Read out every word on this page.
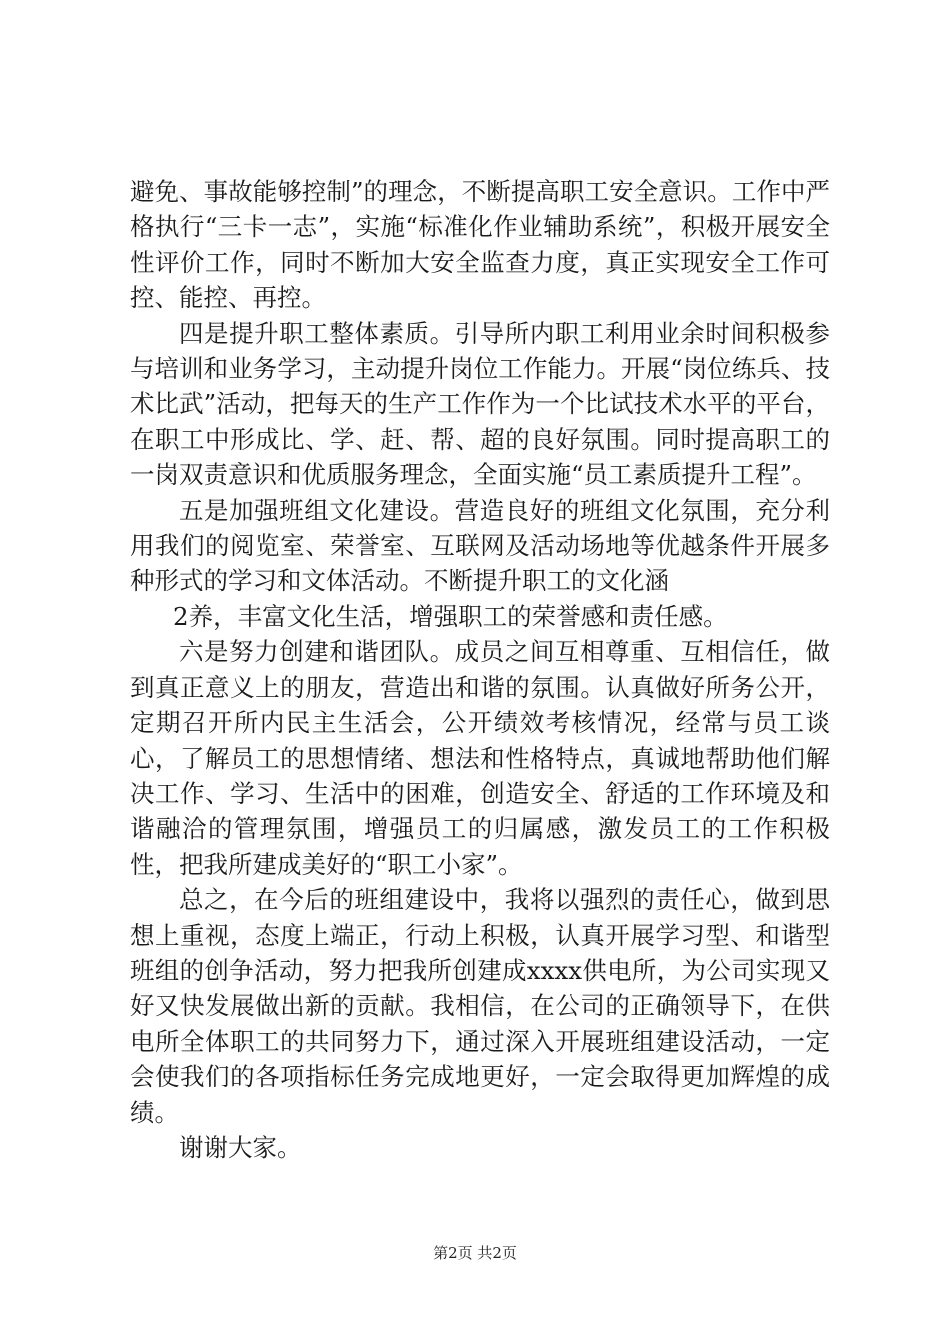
避免、事故能够控制”的理念，不断提高职工安全意识。工作中严格执行“三卡一志”，实施“标准化作业辅助系统”，积极开展安全性评价工作，同时不断加大安全监查力度，真正实现安全工作可控、能控、再控。

四是提升职工整体素质。引导所内职工利用业余时间积极参与培训和业务学习，主动提升岗位工作能力。开展“岗位练兵、技术比武”活动，把每天的生产工作作为一个比试技术水平的平台，在职工中形成比、学、赶、帮、超的良好氛围。同时提高职工的一岗双责意识和优质服务理念，全面实施“员工素质提升工程”。

五是加强班组文化建设。营造良好的班组文化氛围，充分利用我们的阅览室、荣誉室、互联网及活动场地等优越条件开展多种形式的学习和文体活动。不断提升职工的文化涵

2养，丰富文化生活，增强职工的荣誉感和责任感。

六是努力创建和谐团队。成员之间互相尊重、互相信任，做到真正意义上的朋友，营造出和谐的氛围。认真做好所务公开，定期召开所内民主生活会，公开绩效考核情况，经常与员工谈心，了解员工的思想情绪、想法和性格特点，真诚地帮助他们解决工作、学习、生活中的困难，创造安全、舒适的工作环境及和谐融洽的管理氛围，增强员工的归属感，激发员工的工作积极性，把我所建成美好的“职工小家”。

总之，在今后的班组建设中，我将以强烈的责任心，做到思想上重视，态度上端正，行动上积极，认真开展学习型、和谐型班组的创争活动，努力把我所创建成xxxx供电所，为公司实现又好又快发展做出新的贡献。我相信，在公司的正确领导下，在供电所全体职工的共同努力下，通过深入开展班组建设活动，一定会使我们的各项指标任务完成地更好，一定会取得更加辉煌的成绩。

谢谢大家。

第2页 共2页
